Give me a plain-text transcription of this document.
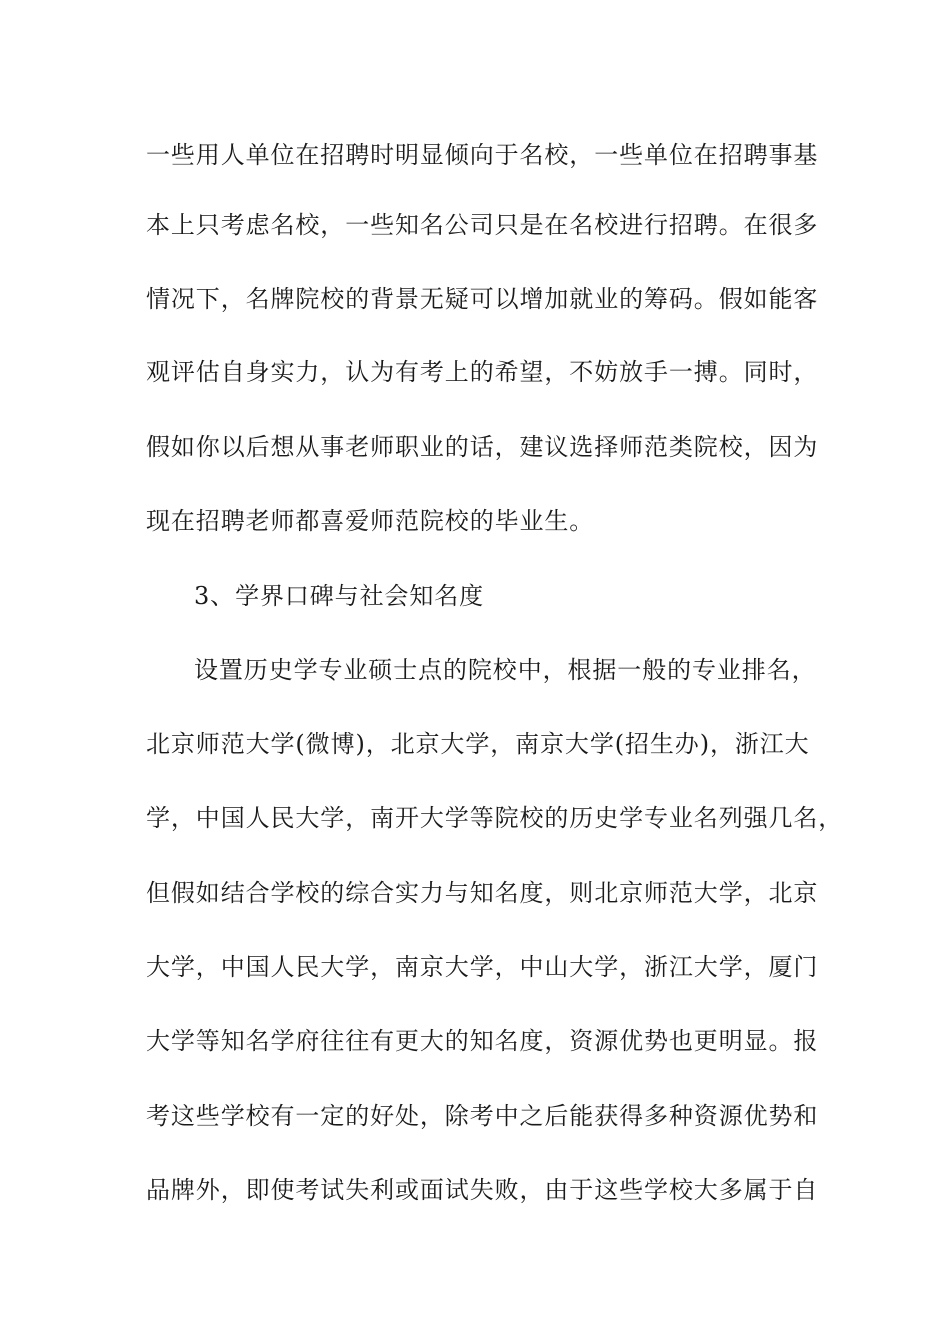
一些用人单位在招聘时明显倾向于名校，一些单位在招聘事基

本上只考虑名校，一些知名公司只是在名校进行招聘。在很多

情况下，名牌院校的背景无疑可以增加就业的筹码。假如能客

观评估自身实力，认为有考上的希望，不妨放手一搏。同时，

假如你以后想从事老师职业的话，建议选择师范类院校，因为

现在招聘老师都喜爱师范院校的毕业生。

3、学界口碑与社会知名度

设置历史学专业硕士点的院校中，根据一般的专业排名，

北京师范大学(微博)，北京大学，南京大学(招生办)，浙江大

学，中国人民大学，南开大学等院校的历史学专业名列强几名，

但假如结合学校的综合实力与知名度，则北京师范大学，北京

大学，中国人民大学，南京大学，中山大学，浙江大学，厦门

大学等知名学府往往有更大的知名度，资源优势也更明显。报

考这些学校有一定的好处，除考中之后能获得多种资源优势和

品牌外，即使考试失利或面试失败，由于这些学校大多属于自
